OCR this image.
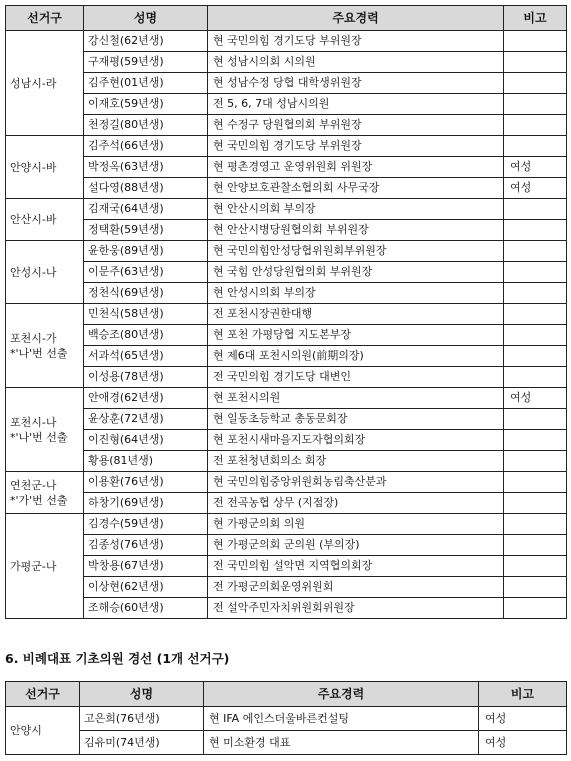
선거구	성명	주요경력	비고

성남시-라	강신철(62년생)	현 국민의힘 경기도당 부위원장	
	구재평(59년생)	현 성남시의회 시의원	
	김주현(01년생)	현 성남수정 당협 대학생위원장	
	이재호(59년생)	전 5, 6, 7대 성남시의원	
	천정길(80년생)	현 수정구 당원협의회 부위원장	

안양시-바	김주석(66년생)	현 국민의힘 경기도당 부위원장	
	박정옥(63년생)	현 평촌경영고 운영위원회 위원장	여성
	설다영(88년생)	현 안양보호관찰소협의회 사무국장	여성

안산시-바	김재국(64년생)	현 안산시의회 부의장	
	정택환(59년생)	현 안산시병당원협의회 부위원장	

안성시-나	윤한웅(89년생)	현 국민의힘안성당협위원회부위원장	
	이문주(63년생)	현 국힘 안성당원협의회 부위원장	
	정천식(69년생)	현 안성시의회 부의장	

포천시-가
*'나'번 선출	민천식(58년생)	전 포천시장권한대행	
	백승조(80년생)	현 포천 가평당협 지도본부장	
	서과석(65년생)	현 제6대 포천시의원(前期의장)	
	이성용(78년생)	전 국민의힘 경기도당 대변인	

포천시-나
*'나'번 선출	안애경(62년생)	현 포천시의원	여성
	윤상훈(72년생)	현 일동초등학교 총동문회장	
	이진형(64년생)	현 포천시새마을지도자협의회장	
	황용(81년생)	전 포천청년회의소 회장	

연천군-나
*'가'번 선출	이용환(76년생)	현 국민의힘중앙위원회농림축산분과	
	하창기(69년생)	전 전곡농협 상무 (지점장)	

가평군-나	김경수(59년생)	현 가평군의회 의원	
	김종성(76년생)	현 가평군의회 군의원 (부의장)	
	박창용(67년생)	전 국민의힘 설악면 지역협의회장	
	이상현(62년생)	전 가평군의회운영위원회	
	조해승(60년생)	전 설악주민자치위원회위원장	
6. 비례대표 기초의원 경선 (1개 선거구)
선거구	성명	주요경력	비고

안양시	고은희(76년생)	현 IFA 에인스더울바른컨설팅	여성
	김유미(74년생)	현 미소환경 대표	여성
